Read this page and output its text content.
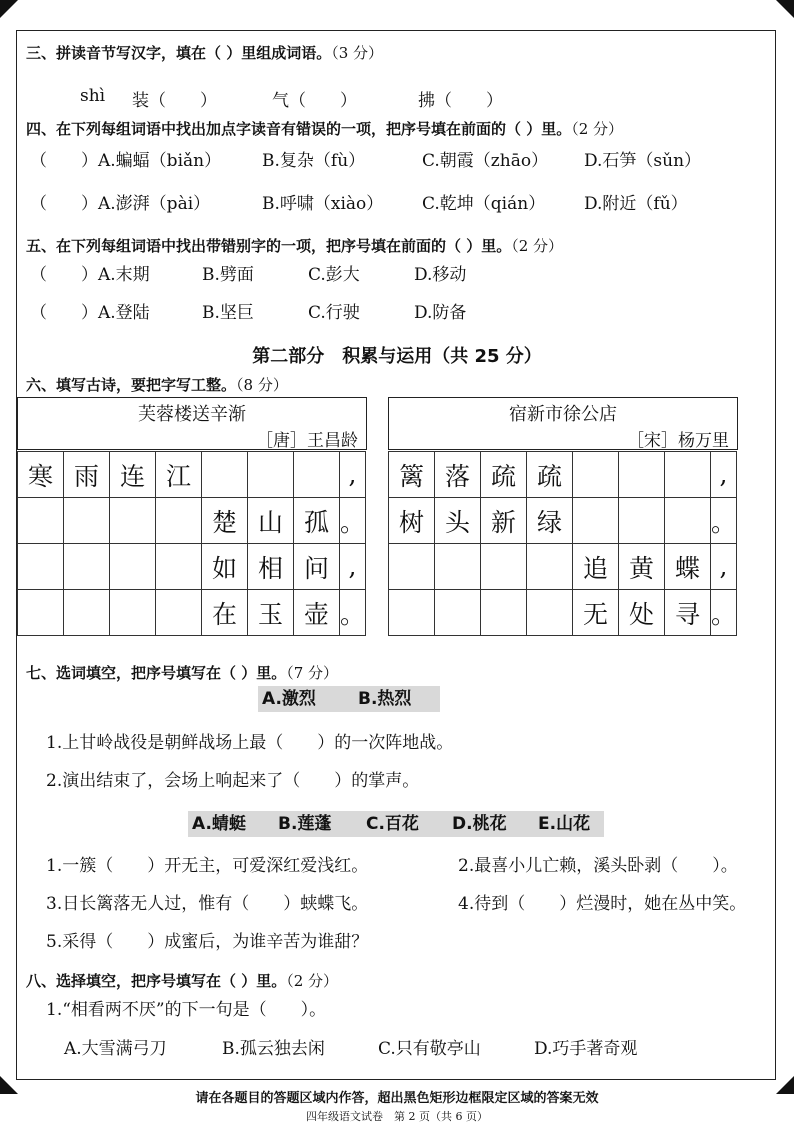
三、拼读音节写汉字，填在（ ）里组成词语。（3 分）
shì 装（　　）	气（　　）	拂（　　）
四、在下列每组词语中找出加点字读音有错误的一项，把序号填在前面的（ ）里。（2 分）
（　　）A.蝙蝠（biǎn） B.复杂（fù）	C.朝霞（zhāo） D.石笋（sǔn）
（　　）A.澎湃（pài）	B.呼啸（xiào） C.乾坤（qián） D.附近（fǔ）
五、在下列每组词语中找出带错别字的一项，把序号填在前面的（ ）里。（2 分）
（　　）A.末期	B.劈面	C.彭大	D.移动
（　　）A.登陆	B.坚巨	C.行驶	D.防备
第二部分　积累与运用（共 25 分）
六、填写古诗，要把字写工整。（8 分）
芙蓉楼送辛渐
［唐］王昌龄
寒	雨	连	江				,
				楚	山	孤	。
				如	相	问	,
				在	玉	壶	。
宿新市徐公店
［宋］杨万里
篱	落	疏	疏				,
树	头	新	绿				。
				追	黄	蝶	,
				无	处	寻	。
七、选词填空，把序号填写在（ ）里。（7 分）
A.激烈 B.热烈
1.上甘岭战役是朝鲜战场上最（　　）的一次阵地战。
2.演出结束了，会场上响起来了（　　）的掌声。
A.蜻蜓 B.莲蓬 C.百花 D.桃花 E.山花
1.一簇（　　）开无主，可爱深红爱浅红。	2.最喜小儿亡赖，溪头卧剥（　　）。
3.日长篱落无人过，惟有（　　）蛱蝶飞。	4.待到（　　）烂漫时，她在丛中笑。
5.采得（　　）成蜜后，为谁辛苦为谁甜？
八、选择填空，把序号填写在（ ）里。（2 分）
1.“相看两不厌”的下一句是（　　）。
A.大雪满弓刀	B.孤云独去闲	C.只有敬亭山	D.巧手著奇观
请在各题目的答题区域内作答，超出黑色矩形边框限定区域的答案无效
四年级语文试卷　第 2 页（共 6 页）
